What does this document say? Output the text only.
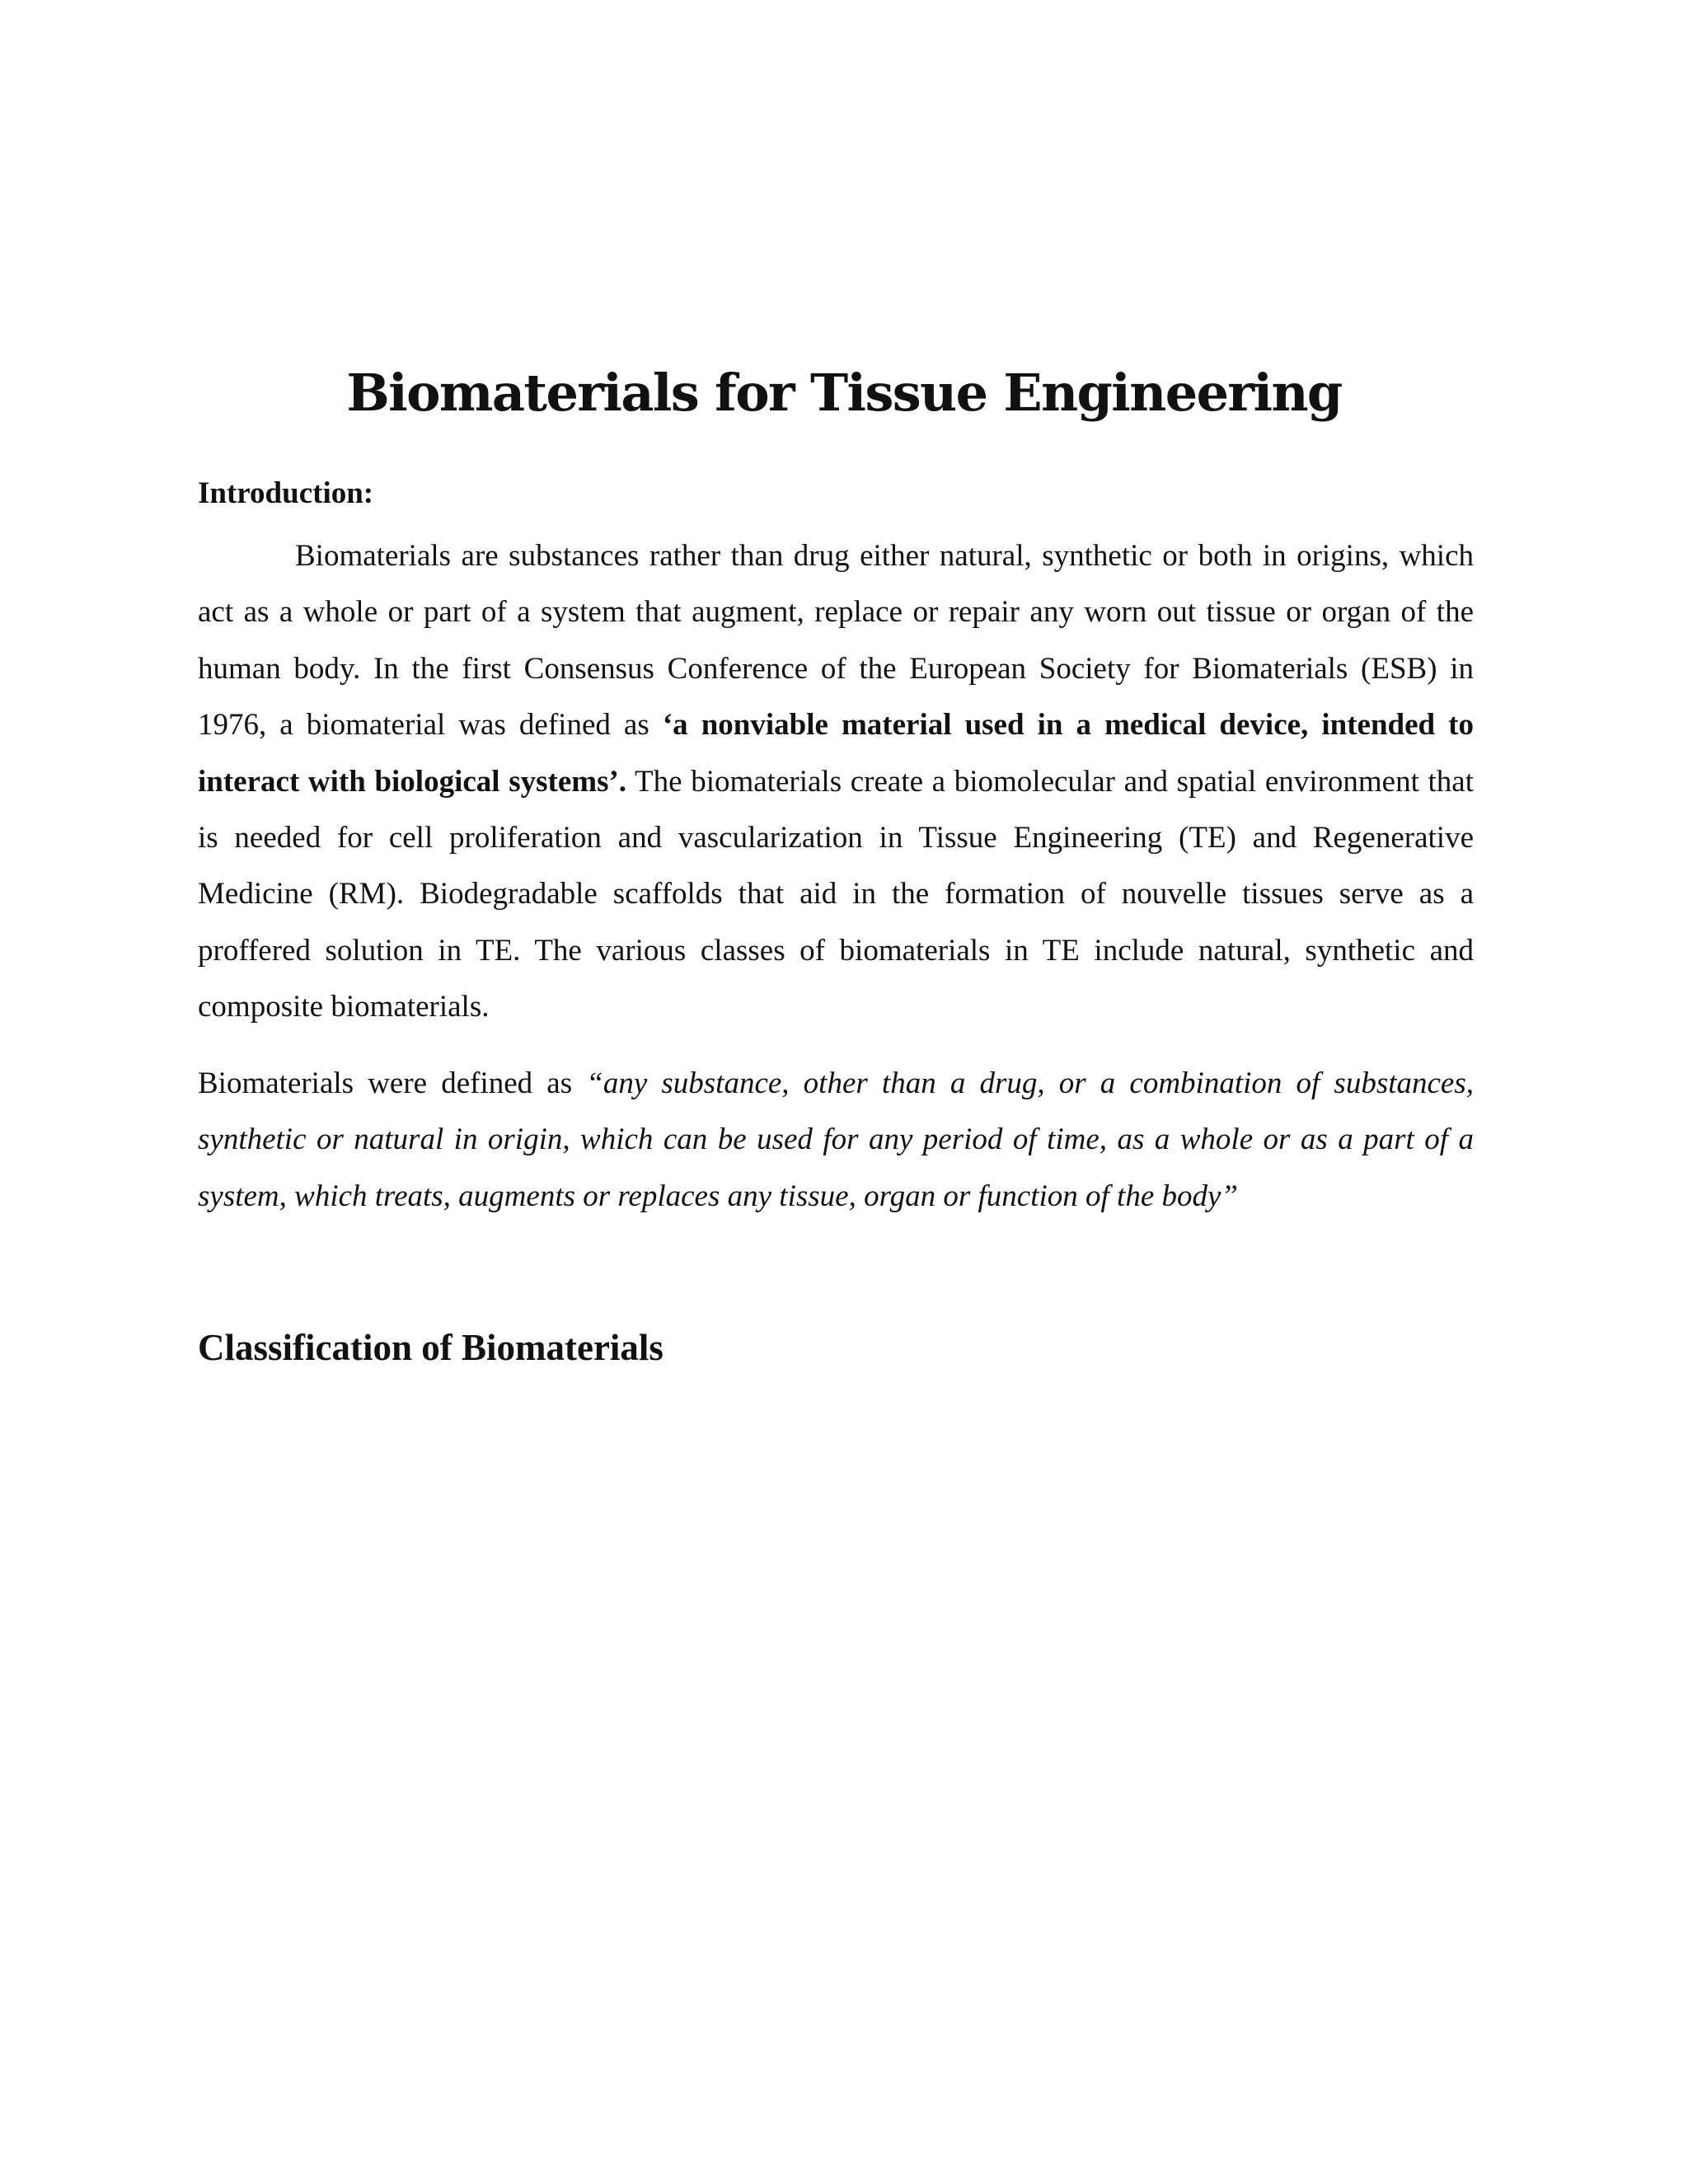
Biomaterials for Tissue Engineering
Introduction:

Biomaterials are substances rather than drug either natural, synthetic or both in origins, which act as a whole or part of a system that augment, replace or repair any worn out tissue or organ of the human body. In the first Consensus Conference of the European Society for Biomaterials (ESB) in 1976, a biomaterial was defined as ‘a nonviable material used in a medical device, intended to interact with biological systems’. The biomaterials create a biomolecular and spatial environment that is needed for cell proliferation and vascularization in Tissue Engineering (TE) and Regenerative Medicine (RM). Biodegradable scaffolds that aid in the formation of nouvelle tissues serve as a proffered solution in TE. The various classes of biomaterials in TE include natural, synthetic and composite biomaterials.

Biomaterials were defined as “any substance, other than a drug, or a combination of substances, synthetic or natural in origin, which can be used for any period of time, as a whole or as a part of a system, which treats, augments or replaces any tissue, organ or function of the body”

Classification of Biomaterials
